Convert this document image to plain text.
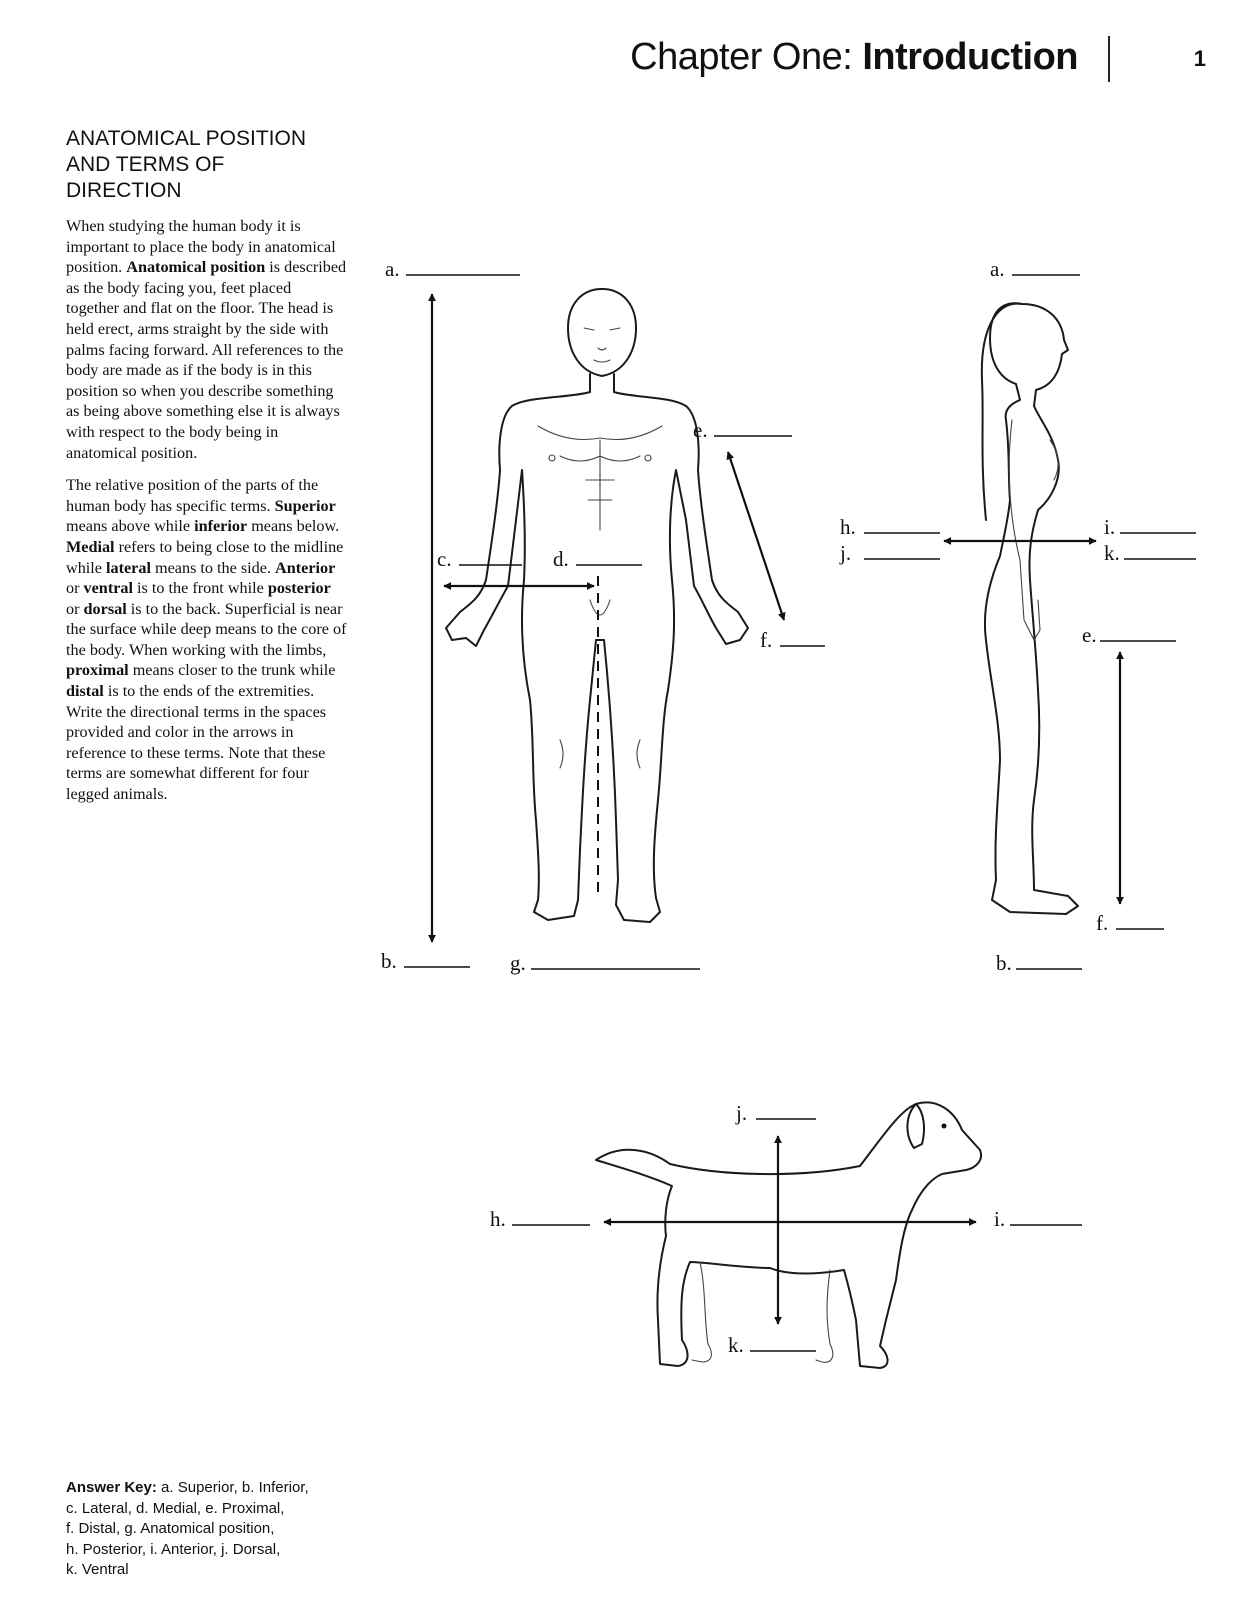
Chapter One: Introduction	1
ANATOMICAL POSITION
AND TERMS OF
DIRECTION

When studying the human body it is important to place the body in anatomical position. Anatomical position is described as the body facing you, feet placed together and flat on the floor. The head is held erect, arms straight by the side with palms facing forward. All references to the body are made as if the body is in this position so when you describe something as being above something else it is always with respect to the body being in anatomical position.

The relative position of the parts of the human body has specific terms. Superior means above while inferior means below. Medial refers to being close to the midline while lateral means to the side. Anterior or ventral is to the front while posterior or dorsal is to the back. Superficial is near the surface while deep means to the core of the body. When working with the limbs, proximal means closer to the trunk while distal is to the ends of the extremities. Write the directional terms in the spaces provided and color in the arrows in reference to these terms. Note that these terms are somewhat different for four legged animals.

a.
b.	g.
c.	d.
e.
f.
a.
b.
h.
j.
i.
k.
e.
f.
j.
k.
h.	i.
Answer Key: a. Superior, b. Inferior,
c. Lateral, d. Medial, e. Proximal,
f. Distal, g. Anatomical position,
h. Posterior, i. Anterior, j. Dorsal,
k. Ventral
